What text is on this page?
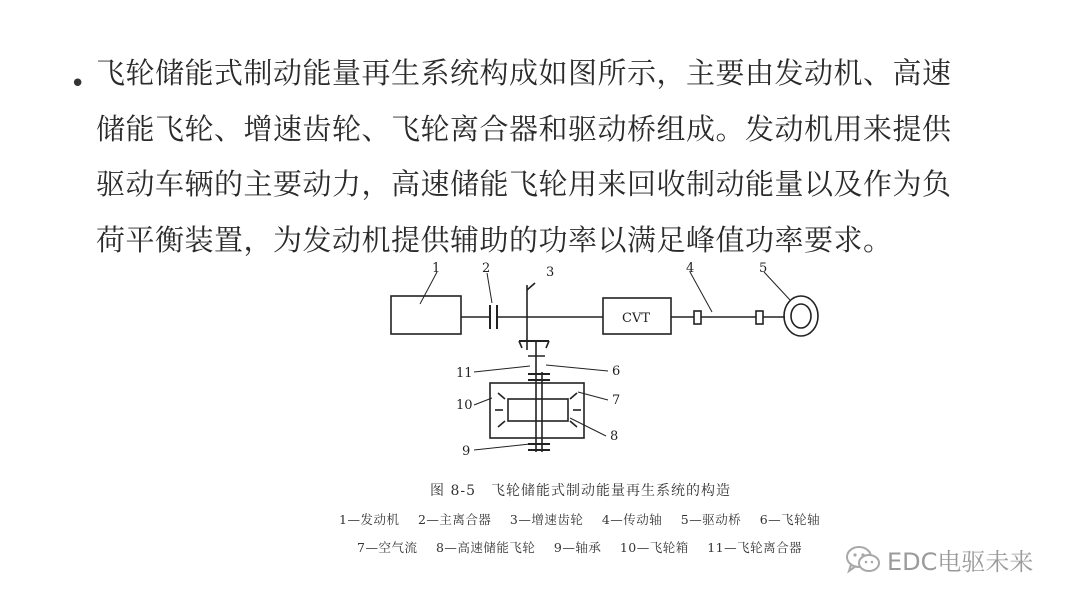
• 飞轮储能式制动能量再生系统构成如图所示，主要由发动机、高速
储能飞轮、增速齿轮、飞轮离合器和驱动桥组成。发动机用来提供
驱动车辆的主要动力，高速储能飞轮用来回收制动能量以及作为负
荷平衡装置，为发动机提供辅助的功率以满足峰值功率要求。
CVT
1	2	3	4	5
11	6
10	7
8
9
图 8-5　飞轮储能式制动能量再生系统的构造
1—发动机 2—主离合器 3—增速齿轮 4—传动轴 5—驱动桥 6—飞轮轴
7—空气流 8—高速储能飞轮 9—轴承 10—飞轮箱 11—飞轮离合器
EDC电驱未来
